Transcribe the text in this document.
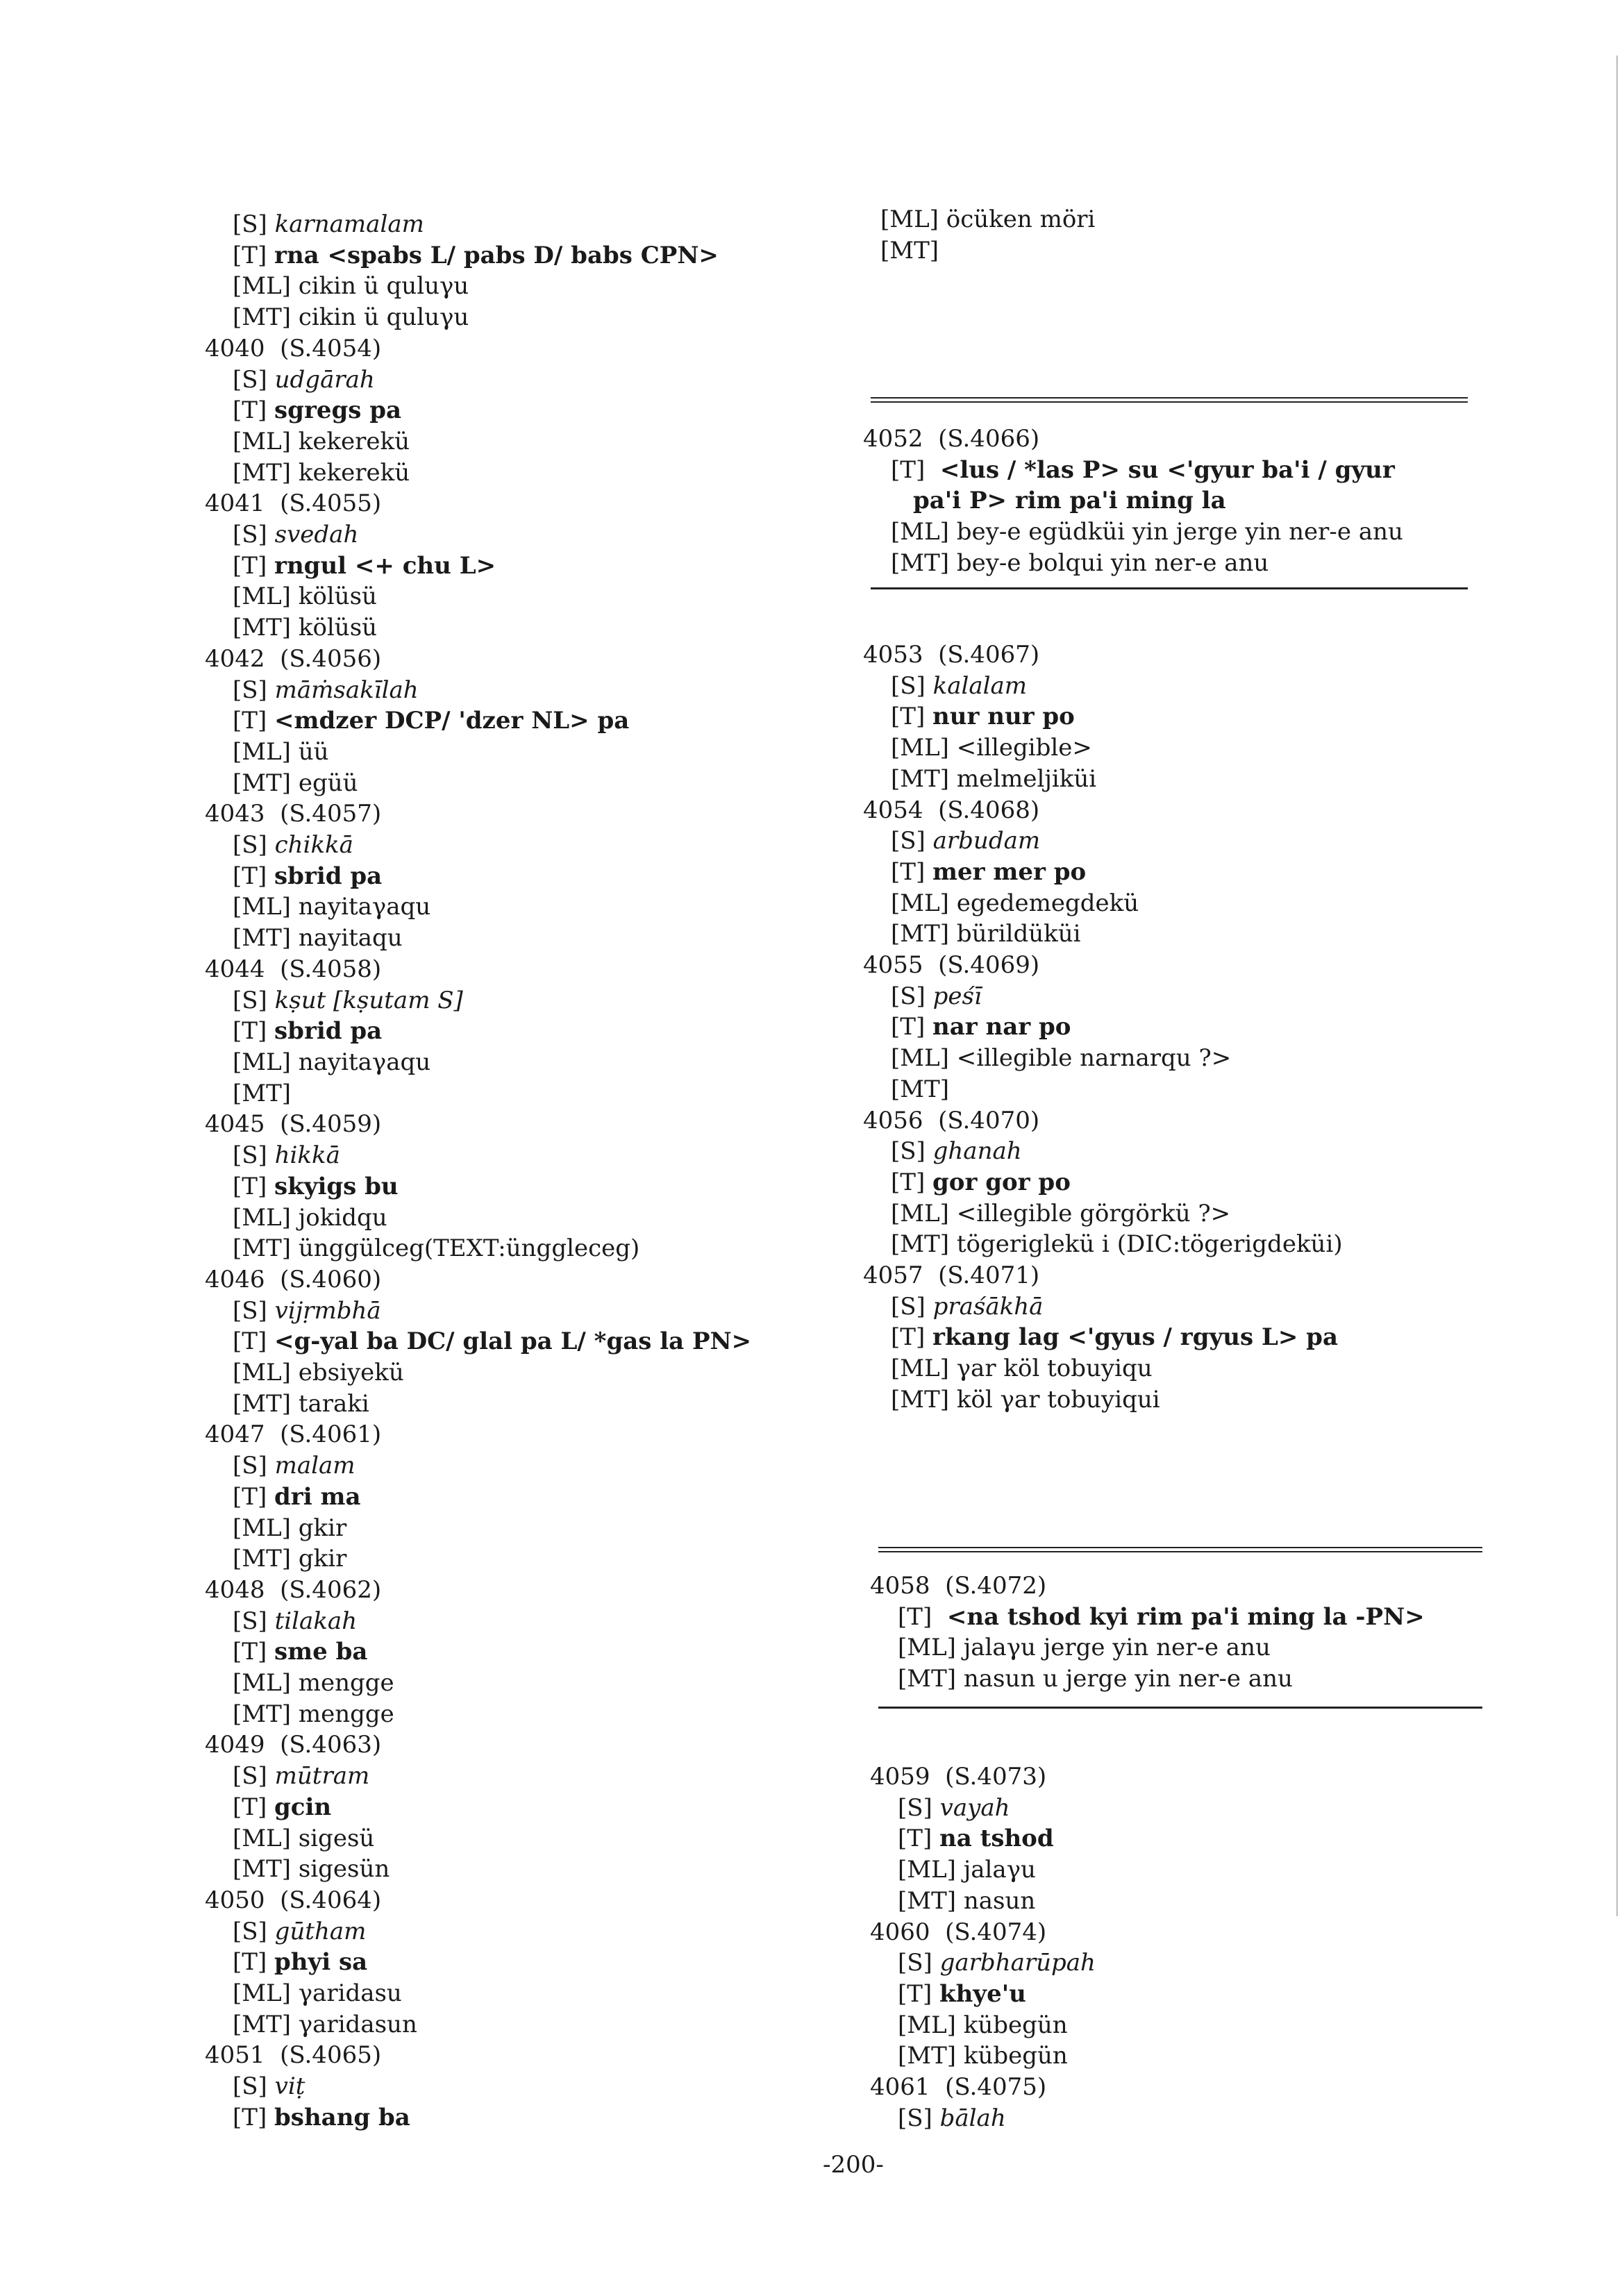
[S] karnamalam
[T] rna <spabs L/ pabs D/ babs CPN>
[ML] cikin ü quluγu
[MT] cikin ü quluγu
4040 (S.4054)
[S] udgārah
[T] sgregs pa
[ML] kekerekü
[MT] kekerekü
4041 (S.4055)
[S] svedah
[T] rngul <+ chu L>
[ML] kölüsü
[MT] kölüsü
4042 (S.4056)
[S] māṁsakīlah
[T] <mdzer DCP/ 'dzer NL> pa
[ML] üü
[MT] egüü
4043 (S.4057)
[S] chikkā
[T] sbrid pa
[ML] nayitaγaqu
[MT] nayitaqu
4044 (S.4058)
[S] kṣut [kṣutam S]
[T] sbrid pa
[ML] nayitaγaqu
[MT]
4045 (S.4059)
[S] hikkā
[T] skyigs bu
[ML] jokidqu
[MT] ünggülceg(TEXT:ünggleceg)
4046 (S.4060)
[S] vijṛmbhā
[T] <g-yal ba DC/ glal pa L/ *gas la PN>
[ML] ebsiyekü
[MT] taraki
4047 (S.4061)
[S] malam
[T] dri ma
[ML] gkir
[MT] gkir
4048 (S.4062)
[S] tilakah
[T] sme ba
[ML] mengge
[MT] mengge
4049 (S.4063)
[S] mūtram
[T] gcin
[ML] sigesü
[MT] sigesün
4050 (S.4064)
[S] gūtham
[T] phyi sa
[ML] γaridasu
[MT] γaridasun
4051 (S.4065)
[S] viṭ
[T] bshang ba
[ML] öcüken möri
[MT]
4052 (S.4066)
[T]  <lus / *las P> su <'gyur ba'i / gyur
pa'i P> rim pa'i ming la
[ML] bey-e egüdküi yin jerge yin ner-e anu
[MT] bey-e bolqui yin ner-e anu
4053 (S.4067)
[S] kalalam
[T] nur nur po
[ML] <illegible>
[MT] melmeljiküi
4054 (S.4068)
[S] arbudam
[T] mer mer po
[ML] egedemegdekü
[MT] bürildüküi
4055 (S.4069)
[S] peśī
[T] nar nar po
[ML] <illegible narnarqu ?>
[MT]
4056 (S.4070)
[S] ghanah
[T] gor gor po
[ML] <illegible görgörkü ?>
[MT] tögeriglekü i (DIC:tögerigdeküi)
4057 (S.4071)
[S] praśākhā
[T] rkang lag <'gyus / rgyus L> pa
[ML] γar köl tobuyiqu
[MT] köl γar tobuyiqui
4058 (S.4072)
[T]  <na tshod kyi rim pa'i ming la -PN>
[ML] jalaγu jerge yin ner-e anu
[MT] nasun u jerge yin ner-e anu
4059 (S.4073)
[S] vayah
[T] na tshod
[ML] jalaγu
[MT] nasun
4060 (S.4074)
[S] garbharūpah
[T] khye'u
[ML] kübegün
[MT] kübegün
4061 (S.4075)
[S] bālah
-200-
